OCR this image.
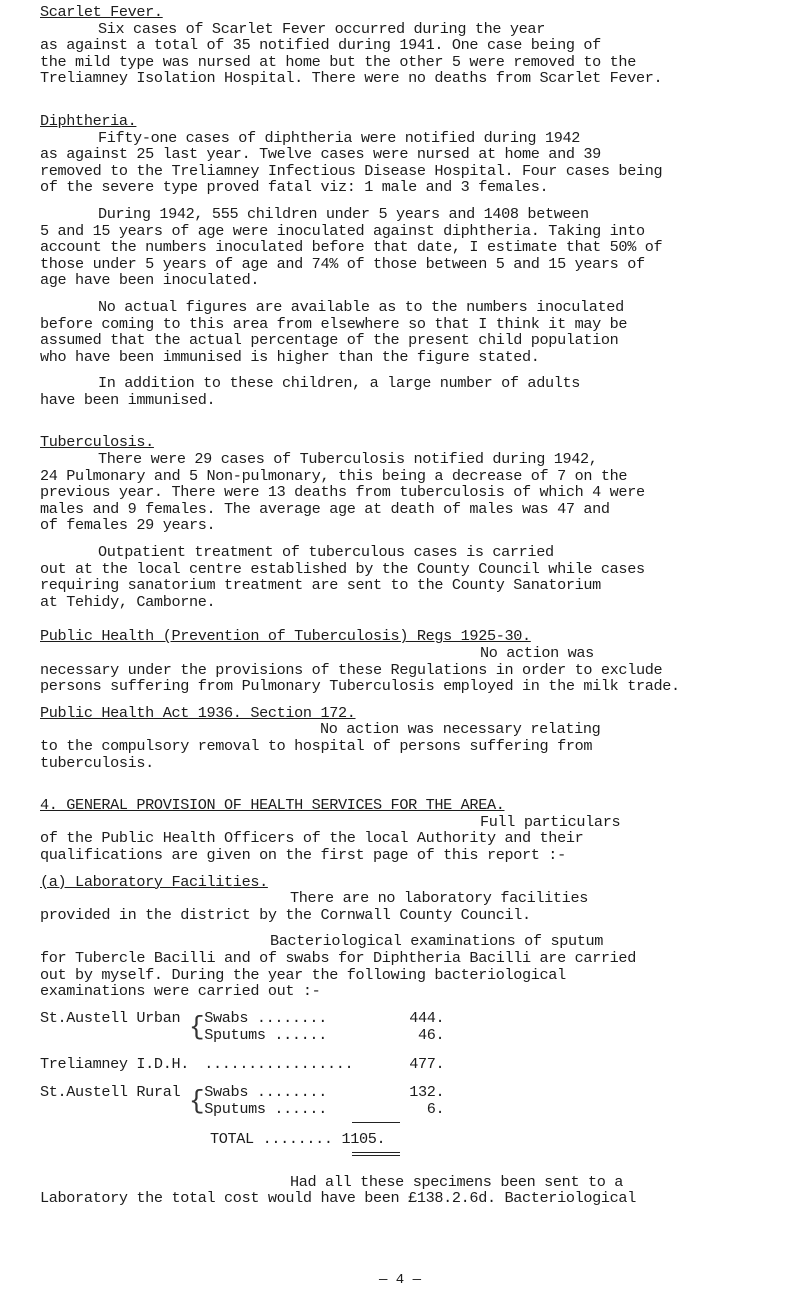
Scarlet Fever.
Six cases of Scarlet Fever occurred during the year
as against a total of 35 notified during 1941. One case being of
the mild type was nursed at home but the other 5 were removed to the
Treliamney Isolation Hospital. There were no deaths from Scarlet Fever.
Diphtheria.
Fifty-one cases of diphtheria were notified during 1942
as against 25 last year. Twelve cases were nursed at home and 39
removed to the Treliamney Infectious Disease Hospital. Four cases being
of the severe type proved fatal viz: 1 male and 3 females.
During 1942, 555 children under 5 years and 1408 between
5 and 15 years of age were inoculated against diphtheria. Taking into
account the numbers inoculated before that date, I estimate that 50% of
those under 5 years of age and 74% of those between 5 and 15 years of
age have been inoculated.
No actual figures are available as to the numbers inoculated
before coming to this area from elsewhere so that I think it may be
assumed that the actual percentage of the present child population
who have been immunised is higher than the figure stated.
In addition to these children, a large number of adults
have been immunised.
Tuberculosis.
There were 29 cases of Tuberculosis notified during 1942,
24 Pulmonary and 5 Non-pulmonary, this being a decrease of 7 on the
previous year. There were 13 deaths from tuberculosis of which 4 were
males and 9 females. The average age at death of males was 47 and
of females 29 years.
Outpatient treatment of tuberculous cases is carried
out at the local centre established by the County Council while cases
requiring sanatorium treatment are sent to the County Sanatorium
at Tehidy, Camborne.
Public Health (Prevention of Tuberculosis) Regs 1925-30.
No action was
necessary under the provisions of these Regulations in order to exclude
persons suffering from Pulmonary Tuberculosis employed in the milk trade.
Public Health Act 1936. Section 172.
No action was necessary relating
to the compulsory removal to hospital of persons suffering from
tuberculosis.
4. GENERAL PROVISION OF HEALTH SERVICES FOR THE AREA.
Full particulars
of the Public Health Officers of the local Authority and their
qualifications are given on the first page of this report :-
(a) Laboratory Facilities.
There are no laboratory facilities
provided in the district by the Cornwall County Council.
Bacteriological examinations of sputum
for Tubercle Bacilli and of swabs for Diphtheria Bacilli are carried
out by myself. During the year the following bacteriological
examinations were carried out :-
St.Austell Urban	{	Swabs ........	444.
		Sputums ......	46.

Treliamney I.D.H.		.................	477.

St.Austell Rural	{	Swabs ........	132.
		Sputums ......	6.
TOTAL ........ 1105.
Had all these specimens been sent to a
Laboratory the total cost would have been £138.2.6d. Bacteriological
— 4 —
